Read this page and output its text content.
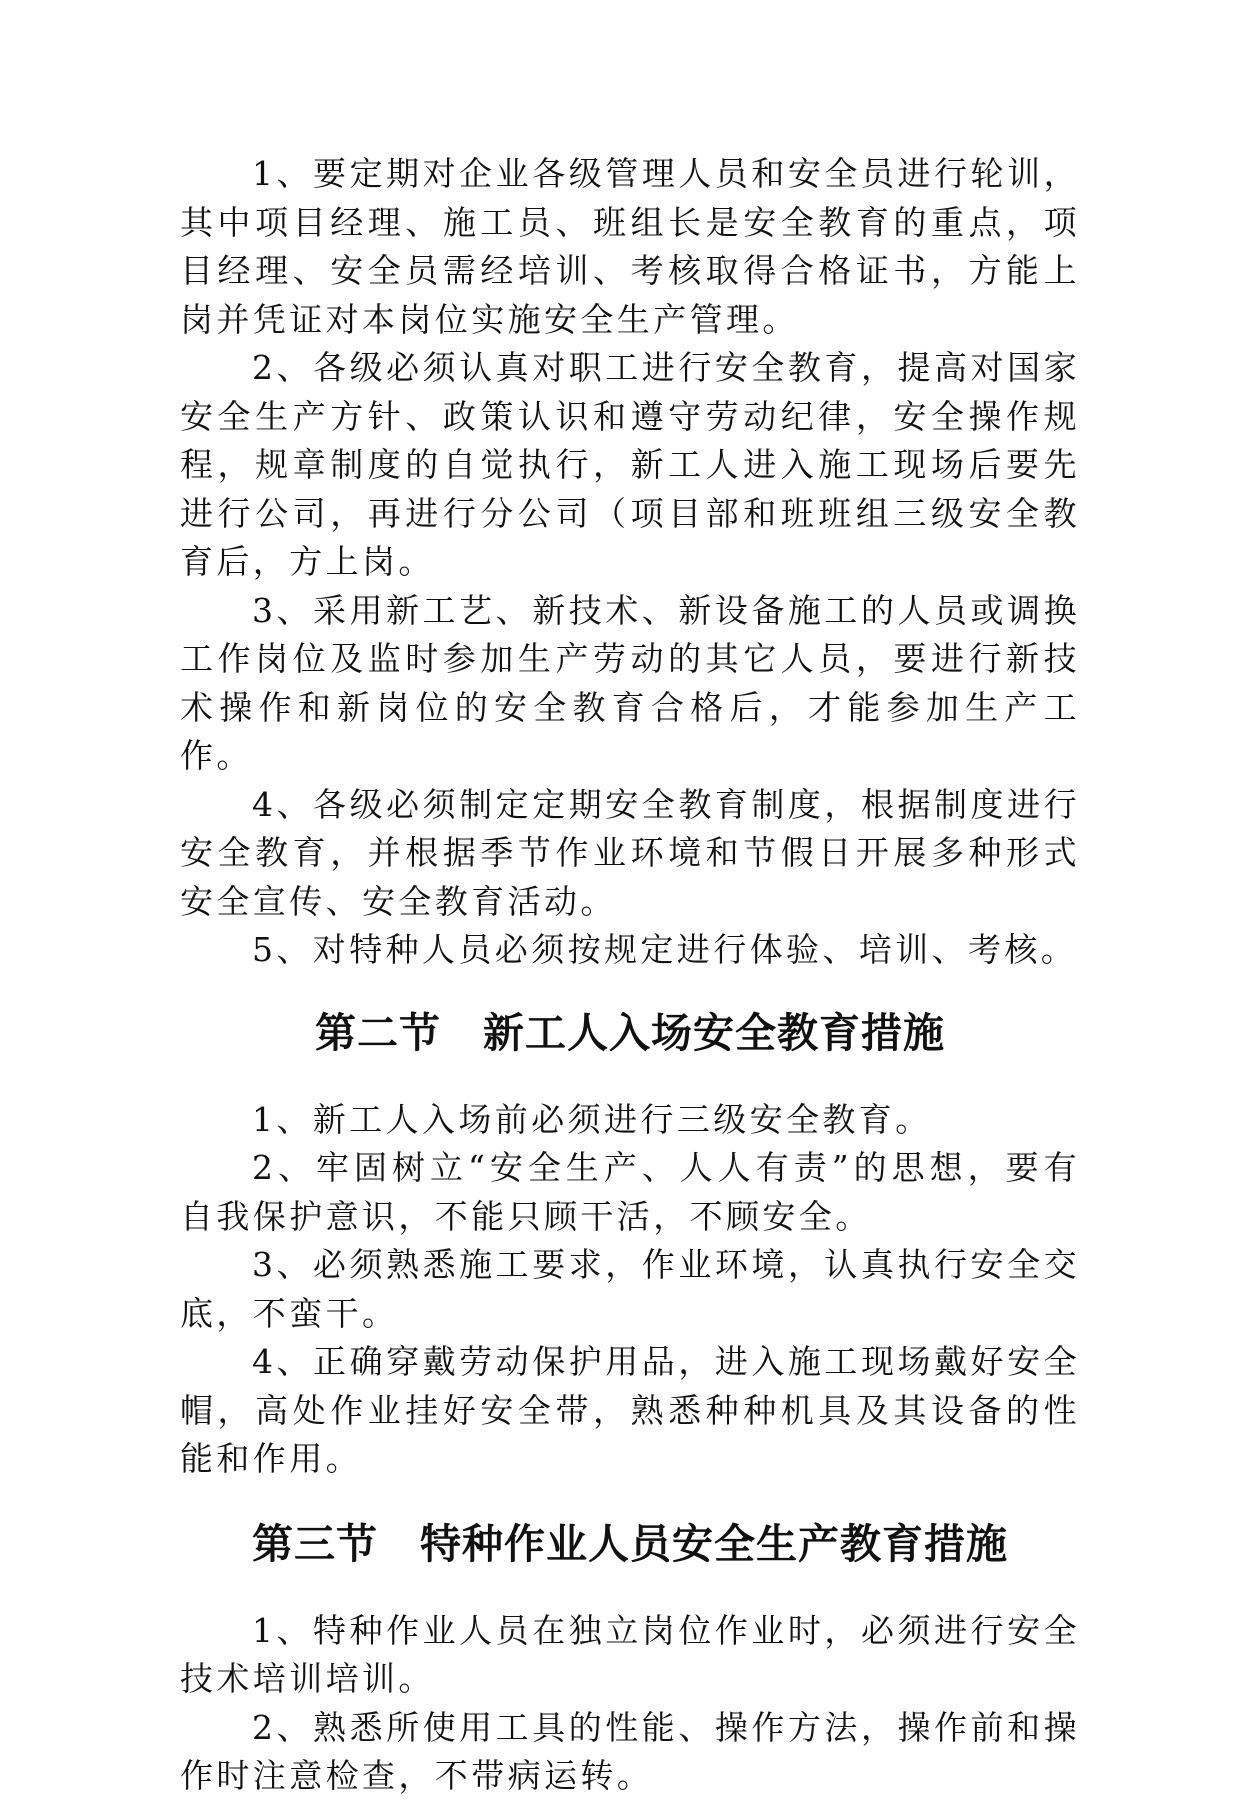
1、要定期对企业各级管理人员和安全员进行轮训，其中项目经理、施工员、班组长是安全教育的重点，项目经理、安全员需经培训、考核取得合格证书，方能上岗并凭证对本岗位实施安全生产管理。

2、各级必须认真对职工进行安全教育，提高对国家安全生产方针、政策认识和遵守劳动纪律，安全操作规程，规章制度的自觉执行，新工人进入施工现场后要先进行公司，再进行分公司（项目部和班班组三级安全教育后，方上岗。

3、采用新工艺、新技术、新设备施工的人员或调换工作岗位及监时参加生产劳动的其它人员，要进行新技术操作和新岗位的安全教育合格后，才能参加生产工作。

4、各级必须制定定期安全教育制度，根据制度进行安全教育，并根据季节作业环境和节假日开展多种形式安全宣传、安全教育活动。

5、对特种人员必须按规定进行体验、培训、考核。

第二节　新工人入场安全教育措施

1、新工人入场前必须进行三级安全教育。

2、牢固树立“安全生产、人人有责”的思想，要有自我保护意识，不能只顾干活，不顾安全。

3、必须熟悉施工要求，作业环境，认真执行安全交底，不蛮干。

4、正确穿戴劳动保护用品，进入施工现场戴好安全帽，高处作业挂好安全带，熟悉种种机具及其设备的性能和作用。

第三节　特种作业人员安全生产教育措施

1、特种作业人员在独立岗位作业时，必须进行安全技术培训培训。

2、熟悉所使用工具的性能、操作方法，操作前和操作时注意检查，不带病运转。
